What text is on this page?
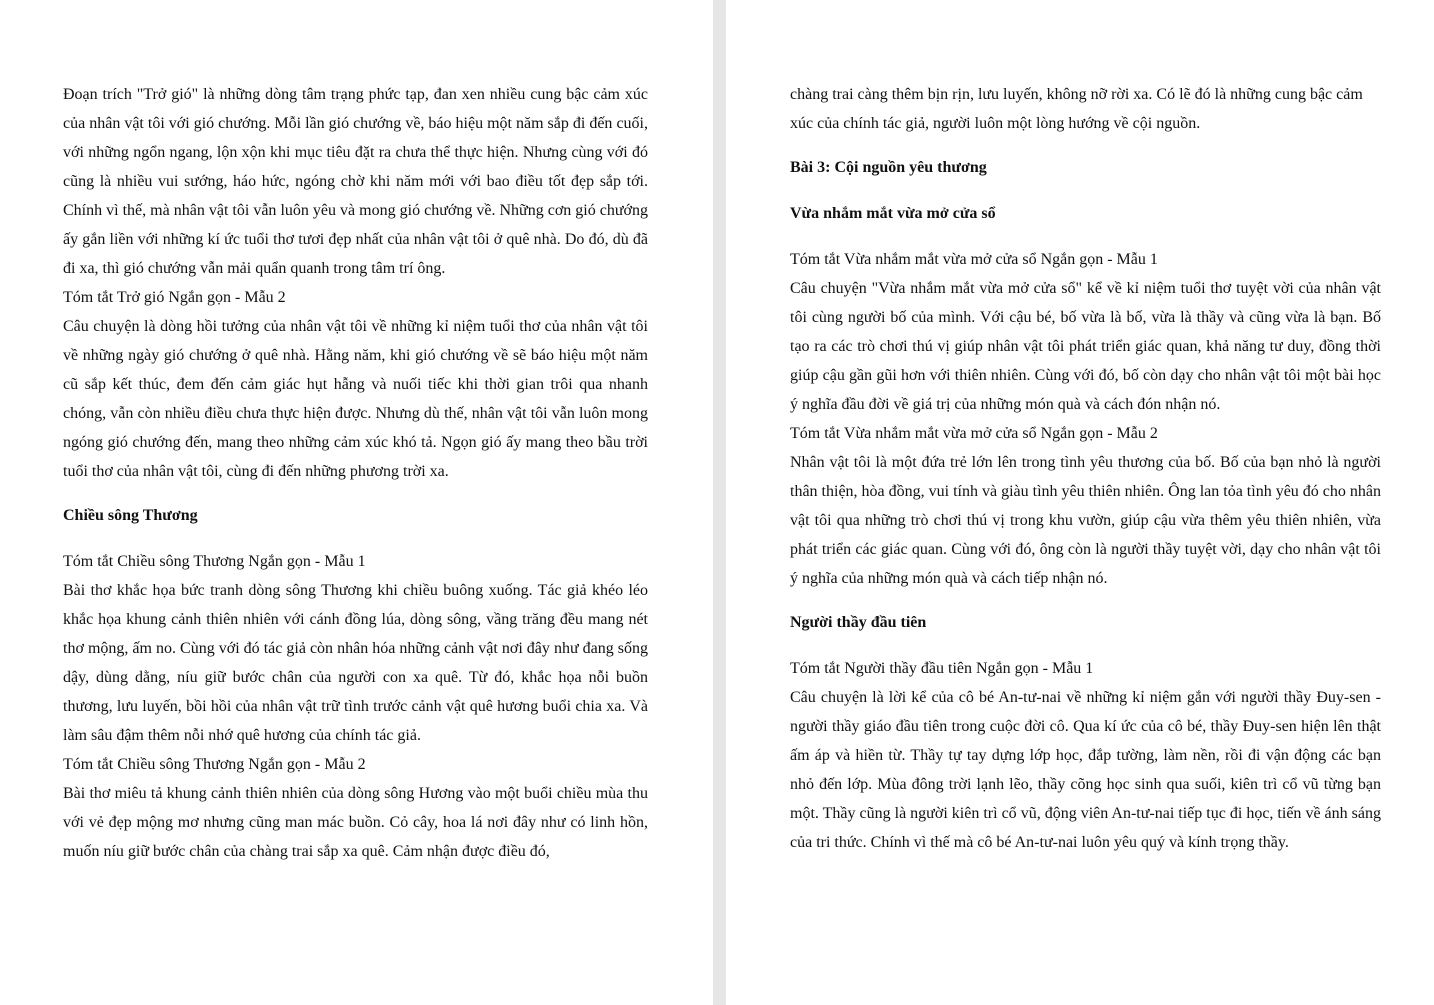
Đoạn trích "Trở gió" là những dòng tâm trạng phức tạp, đan xen nhiều cung bậc cảm xúc của nhân vật tôi với gió chướng. Mỗi lần gió chướng về, báo hiệu một năm sắp đi đến cuối, với những ngổn ngang, lộn xộn khi mục tiêu đặt ra chưa thể thực hiện. Nhưng cùng với đó cũng là nhiều vui sướng, háo hức, ngóng chờ khi năm mới với bao điều tốt đẹp sắp tới. Chính vì thế, mà nhân vật tôi vẫn luôn yêu và mong gió chướng về. Những cơn gió chướng ấy gắn liền với những kí ức tuổi thơ tươi đẹp nhất của nhân vật tôi ở quê nhà. Do đó, dù đã đi xa, thì gió chướng vẫn mải quẩn quanh trong tâm trí ông.

Tóm tắt Trở gió Ngắn gọn - Mẫu 2

Câu chuyện là dòng hồi tưởng của nhân vật tôi về những kỉ niệm tuổi thơ của nhân vật tôi về những ngày gió chướng ở quê nhà. Hằng năm, khi gió chướng về sẽ báo hiệu một năm cũ sắp kết thúc, đem đến cảm giác hụt hẫng và nuối tiếc khi thời gian trôi qua nhanh chóng, vẫn còn nhiều điều chưa thực hiện được. Nhưng dù thế, nhân vật tôi vẫn luôn mong ngóng gió chướng đến, mang theo những cảm xúc khó tả. Ngọn gió ấy mang theo bầu trời tuổi thơ của nhân vật tôi, cùng đi đến những phương trời xa.

Chiều sông Thương

Tóm tắt Chiều sông Thương Ngắn gọn - Mẫu 1

Bài thơ khắc họa bức tranh dòng sông Thương khi chiều buông xuống. Tác giả khéo léo khắc họa khung cảnh thiên nhiên với cánh đồng lúa, dòng sông, vầng trăng đều mang nét thơ mộng, ấm no. Cùng với đó tác giả còn nhân hóa những cảnh vật nơi đây như đang sống dậy, dùng dằng, níu giữ bước chân của người con xa quê. Từ đó, khắc họa nỗi buồn thương, lưu luyến, bồi hồi của nhân vật trữ tình trước cảnh vật quê hương buổi chia xa. Và làm sâu đậm thêm nỗi nhớ quê hương của chính tác giả.

Tóm tắt Chiều sông Thương Ngắn gọn - Mẫu 2

Bài thơ miêu tả khung cảnh thiên nhiên của dòng sông Hương vào một buổi chiều mùa thu với vẻ đẹp mộng mơ nhưng cũng man mác buồn. Cỏ cây, hoa lá nơi đây như có linh hồn, muốn níu giữ bước chân của chàng trai sắp xa quê. Cảm nhận được điều đó,

chàng trai càng thêm bịn rịn, lưu luyến, không nỡ rời xa. Có lẽ đó là những cung bậc cảm xúc của chính tác giả, người luôn một lòng hướng về cội nguồn.

Bài 3: Cội nguồn yêu thương

Vừa nhắm mắt vừa mở cửa sổ

Tóm tắt Vừa nhắm mắt vừa mở cửa sổ Ngắn gọn - Mẫu 1

Câu chuyện "Vừa nhắm mắt vừa mở cửa sổ" kể về kỉ niệm tuổi thơ tuyệt vời của nhân vật tôi cùng người bố của mình. Với cậu bé, bố vừa là bố, vừa là thầy và cũng vừa là bạn. Bố tạo ra các trò chơi thú vị giúp nhân vật tôi phát triển giác quan, khả năng tư duy, đồng thời giúp cậu gần gũi hơn với thiên nhiên. Cùng với đó, bố còn dạy cho nhân vật tôi một bài học ý nghĩa đầu đời về giá trị của những món quà và cách đón nhận nó.

Tóm tắt Vừa nhắm mắt vừa mở cửa sổ Ngắn gọn - Mẫu 2

Nhân vật tôi là một đứa trẻ lớn lên trong tình yêu thương của bố. Bố của bạn nhỏ là người thân thiện, hòa đồng, vui tính và giàu tình yêu thiên nhiên. Ông lan tỏa tình yêu đó cho nhân vật tôi qua những trò chơi thú vị trong khu vườn, giúp cậu vừa thêm yêu thiên nhiên, vừa phát triển các giác quan. Cùng với đó, ông còn là người thầy tuyệt vời, dạy cho nhân vật tôi ý nghĩa của những món quà và cách tiếp nhận nó.

Người thầy đầu tiên

Tóm tắt Người thầy đầu tiên Ngắn gọn - Mẫu 1

Câu chuyện là lời kể của cô bé An-tư-nai về những kỉ niệm gắn với người thầy Đuy-sen - người thầy giáo đầu tiên trong cuộc đời cô. Qua kí ức của cô bé, thầy Đuy-sen hiện lên thật ấm áp và hiền từ. Thầy tự tay dựng lớp học, đắp tường, làm nền, rồi đi vận động các bạn nhỏ đến lớp. Mùa đông trời lạnh lẽo, thầy cõng học sinh qua suối, kiên trì cổ vũ từng bạn một. Thầy cũng là người kiên trì cổ vũ, động viên An-tư-nai tiếp tục đi học, tiến về ánh sáng của tri thức. Chính vì thế mà cô bé An-tư-nai luôn yêu quý và kính trọng thầy.
